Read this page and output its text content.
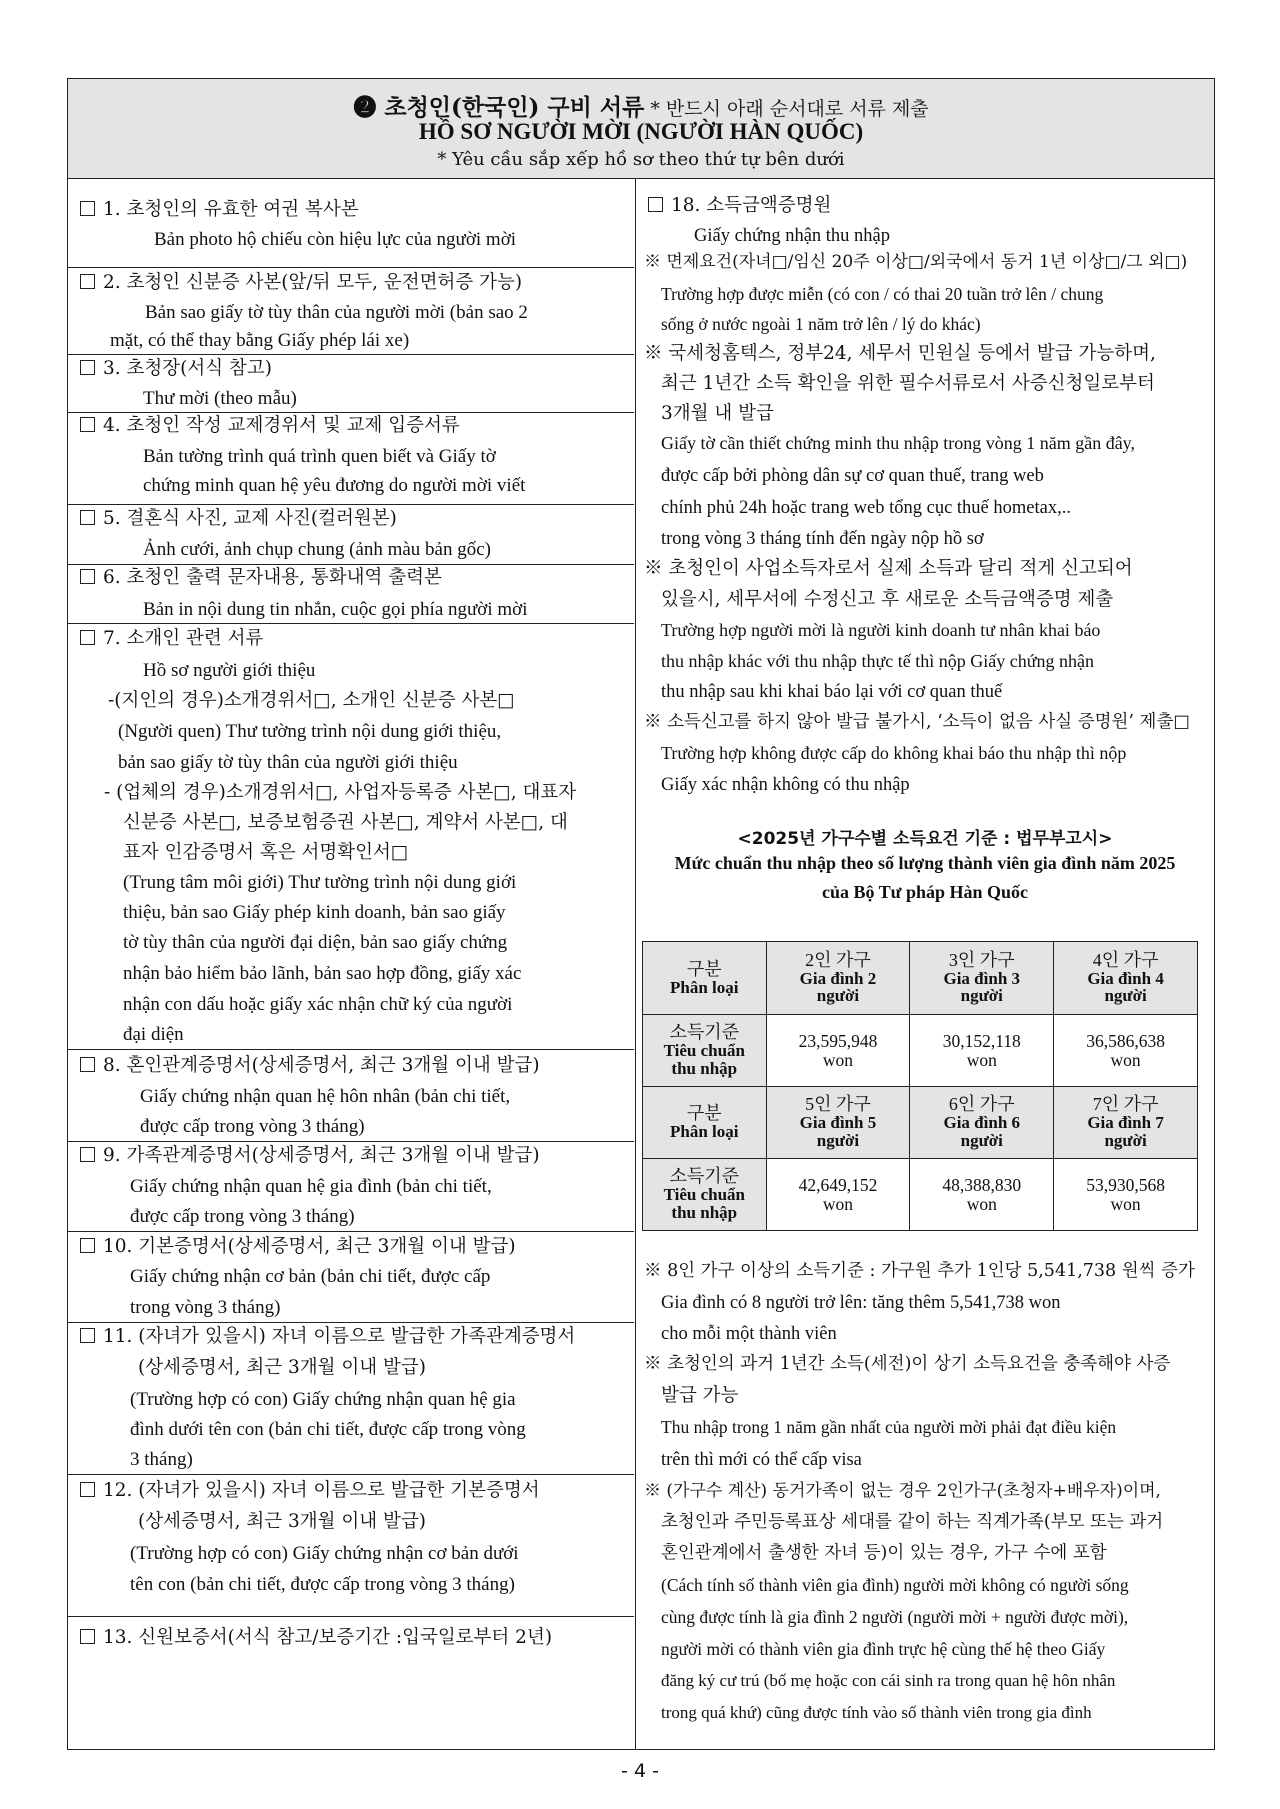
❷ 초청인(한국인) 구비 서류 * 반드시 아래 순서대로 서류 제출
HỒ SƠ NGƯỜI MỜI (NGƯỜI HÀN QUỐC)
* Yêu cầu sắp xếp hồ sơ theo thứ tự bên dưới
1. 초청인의 유효한 여권 복사본
Bản photo hộ chiếu còn hiệu lực của người mời
2. 초청인 신분증 사본(앞/뒤 모두, 운전면허증 가능)
Bản sao giấy tờ tùy thân của người mời (bản sao 2
mặt, có thể thay bằng Giấy phép lái xe)
3. 초청장(서식 참고)
Thư mời (theo mẫu)
4. 초청인 작성 교제경위서 및 교제 입증서류
Bản tường trình quá trình quen biết và Giấy tờ
chứng minh quan hệ yêu đương do người mời viết
5. 결혼식 사진, 교제 사진(컬러원본)
Ảnh cưới, ảnh chụp chung (ảnh màu bản gốc)
6. 초청인 출력 문자내용, 통화내역 출력본
Bản in nội dung tin nhắn, cuộc gọi phía người mời
7. 소개인 관련 서류
Hồ sơ người giới thiệu
-(지인의 경우)소개경위서□, 소개인 신분증 사본□
(Người quen) Thư tường trình nội dung giới thiệu,
bản sao giấy tờ tùy thân của người giới thiệu
- (업체의 경우)소개경위서□, 사업자등록증 사본□, 대표자
신분증 사본□, 보증보험증권 사본□, 계약서 사본□, 대
표자 인감증명서 혹은 서명확인서□
(Trung tâm môi giới) Thư tường trình nội dung giới
thiệu, bản sao Giấy phép kinh doanh, bản sao giấy
tờ tùy thân của người đại diện, bản sao giấy chứng
nhận bảo hiểm bảo lãnh, bản sao hợp đồng, giấy xác
nhận con dấu hoặc giấy xác nhận chữ ký của người
đại diện
8. 혼인관계증명서(상세증명서, 최근 3개월 이내 발급)
Giấy chứng nhận quan hệ hôn nhân (bản chi tiết,
được cấp trong vòng 3 tháng)
9. 가족관계증명서(상세증명서, 최근 3개월 이내 발급)
Giấy chứng nhận quan hệ gia đình (bản chi tiết,
được cấp trong vòng 3 tháng)
10. 기본증명서(상세증명서, 최근 3개월 이내 발급)
Giấy chứng nhận cơ bản (bản chi tiết, được cấp
trong vòng 3 tháng)
11. (자녀가 있을시) 자녀 이름으로 발급한 가족관계증명서
(상세증명서, 최근 3개월 이내 발급)
(Trường hợp có con) Giấy chứng nhận quan hệ gia
đình dưới tên con (bản chi tiết, được cấp trong vòng
3 tháng)
12. (자녀가 있을시) 자녀 이름으로 발급한 기본증명서
(상세증명서, 최근 3개월 이내 발급)
(Trường hợp có con) Giấy chứng nhận cơ bản dưới
tên con (bản chi tiết, được cấp trong vòng 3 tháng)
13. 신원보증서(서식 참고/보증기간 :입국일로부터 2년)
18. 소득금액증명원
Giấy chứng nhận thu nhập
※ 면제요건(자녀□/임신 20주 이상□/외국에서 동거 1년 이상□/그 외□)
Trường hợp được miễn (có con / có thai 20 tuần trở lên / chung
sống ở nước ngoài 1 năm trở lên / lý do khác)
※ 국세청홈텍스, 정부24, 세무서 민원실 등에서 발급 가능하며,
최근 1년간 소득 확인을 위한 필수서류로서 사증신청일로부터
3개월 내 발급
Giấy tờ cần thiết chứng minh thu nhập trong vòng 1 năm gần đây,
được cấp bởi phòng dân sự cơ quan thuế, trang web
chính phủ 24h hoặc trang web tổng cục thuế hometax,..
trong vòng 3 tháng tính đến ngày nộp hồ sơ
※ 초청인이 사업소득자로서 실제 소득과 달리 적게 신고되어
있을시, 세무서에 수정신고 후 새로운 소득금액증명 제출
Trường hợp người mời là người kinh doanh tư nhân khai báo
thu nhập khác với thu nhập thực tế thì nộp Giấy chứng nhận
thu nhập sau khi khai báo lại với cơ quan thuế
※ 소득신고를 하지 않아 발급 불가시, ‘소득이 없음 사실 증명원’ 제출□
Trường hợp không được cấp do không khai báo thu nhập thì nộp
Giấy xác nhận không có thu nhập
<2025년 가구수별 소득요건 기준 : 법무부고시>
Mức chuẩn thu nhập theo số lượng thành viên gia đình năm 2025
của Bộ Tư pháp Hàn Quốc
구분
Phân loại	2인 가구
Gia đình 2
người	3인 가구
Gia đình 3
người	4인 가구
Gia đình 4
người

소득기준
Tiêu chuẩn
thu nhập	23,595,948
won	30,152,118
won	36,586,638
won

구분
Phân loại	5인 가구
Gia đình 5
người	6인 가구
Gia đình 6
người	7인 가구
Gia đình 7
người

소득기준
Tiêu chuẩn
thu nhập	42,649,152
won	48,388,830
won	53,930,568
won
※ 8인 가구 이상의 소득기준 : 가구원 추가 1인당 5,541,738 원씩 증가
Gia đình có 8 người trở lên: tăng thêm 5,541,738 won
cho mỗi một thành viên
※ 초청인의 과거 1년간 소득(세전)이 상기 소득요건을 충족해야 사증
발급 가능
Thu nhập trong 1 năm gần nhất của người mời phải đạt điều kiện
trên thì mới có thể cấp visa
※ (가구수 계산) 동거가족이 없는 경우 2인가구(초청자+배우자)이며,
초청인과 주민등록표상 세대를 같이 하는 직계가족(부모 또는 과거
혼인관계에서 출생한 자녀 등)이 있는 경우, 가구 수에 포함
(Cách tính số thành viên gia đình) người mời không có người sống
cùng được tính là gia đình 2 người (người mời + người được mời),
người mời có thành viên gia đình trực hệ cùng thế hệ theo Giấy
đăng ký cư trú (bố mẹ hoặc con cái sinh ra trong quan hệ hôn nhân
trong quá khứ) cũng được tính vào số thành viên trong gia đình
- 4 -
